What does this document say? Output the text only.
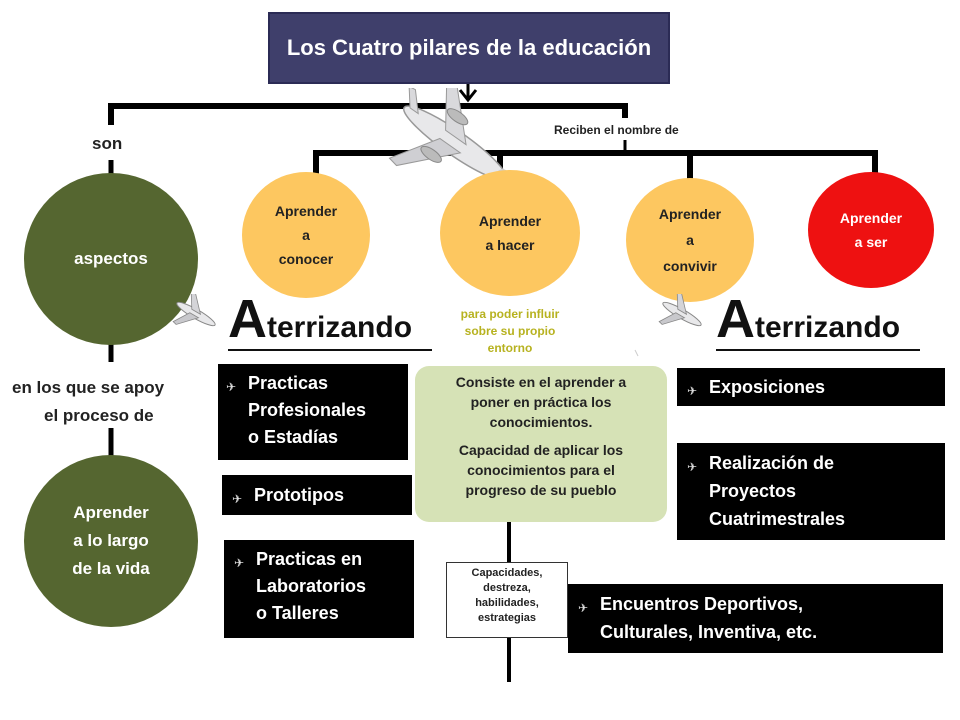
Los Cuatro pilares de la educación
son
Reciben el nombre de
aspectos
en los que se apoy
el proceso de
Aprender
a lo largo
de la vida
Aprender
a
conocer
Aprender
a hacer
Aprender
a
convivir
Aprender
a ser
Aterrizando	Aterrizando
para poder influir
sobre su propio
entorno
✈ Practicas
Profesionales
o Estadías
✈ Prototipos
✈ Practicas en
Laboratorios
o Talleres
Consiste en el aprender a
poner en práctica los
conocimientos.
Capacidad de aplicar los
conocimientos para el
progreso de su pueblo
Capacidades,
destreza,
habilidades,
estrategias
✈ Exposiciones
✈ Realización de
Proyectos
Cuatrimestrales
✈ Encuentros Deportivos,
Culturales, Inventiva, etc.
